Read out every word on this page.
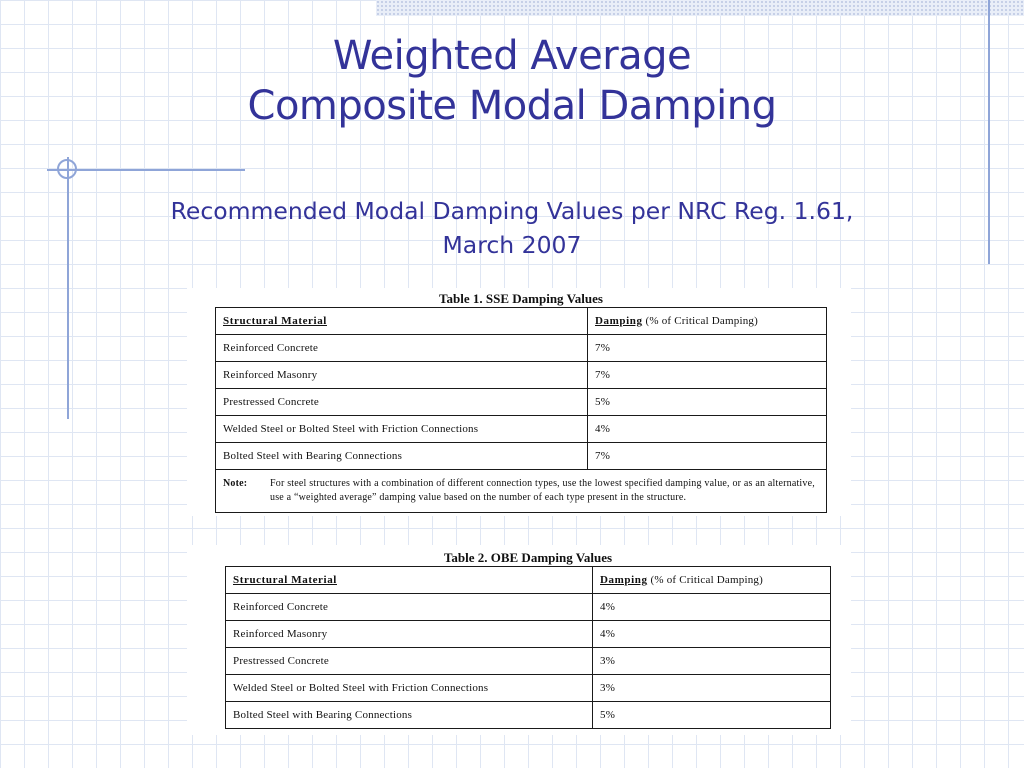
Weighted Average
Composite Modal Damping
Recommended Modal Damping Values per NRC Reg. 1.61,
March 2007
Table 1. SSE Damping Values
Structural Material	Damping (% of Critical Damping)
Reinforced Concrete	7%
Reinforced Masonry	7%
Prestressed Concrete	5%
Welded Steel or Bolted Steel with Friction Connections	4%
Bolted Steel with Bearing Connections	7%

Note: For steel structures with a combination of different connection types, use the lowest specified damping value, or as an alternative, use a “weighted average” damping value based on the number of each type present in the structure.	
Table 2. OBE Damping Values
Structural Material	Damping (% of Critical Damping)
Reinforced Concrete	4%
Reinforced Masonry	4%
Prestressed Concrete	3%
Welded Steel or Bolted Steel with Friction Connections	3%
Bolted Steel with Bearing Connections	5%
